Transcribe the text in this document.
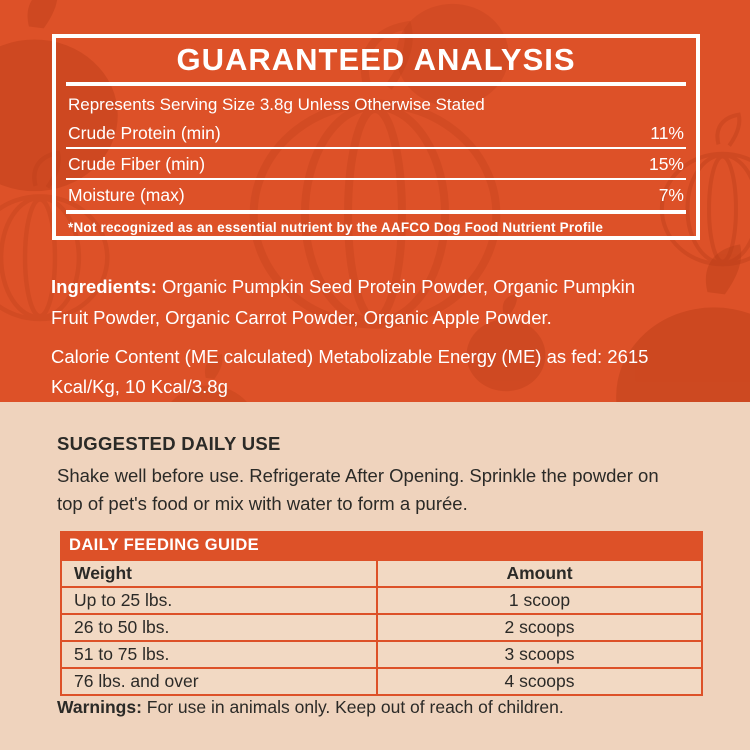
GUARANTEED ANALYSIS

Represents Serving Size 3.8g Unless Otherwise Stated

Crude Protein (min)	11%
Crude Fiber (min)	15%
Moisture (max)	7%

*Not recognized as an essential nutrient by the AAFCO Dog Food Nutrient Profile

Ingredients: Organic Pumpkin Seed Protein Powder, Organic Pumpkin Fruit Powder, Organic Carrot Powder, Organic Apple Powder.

Calorie Content (ME calculated) Metabolizable Energy (ME) as fed: 2615 Kcal/Kg, 10 Kcal/3.8g

SUGGESTED DAILY USE

Shake well before use. Refrigerate After Opening. Sprinkle the powder on top of pet's food or mix with water to form a purée.

DAILY FEEDING GUIDE
Weight	Amount
Up to 25 lbs.	1 scoop
26 to 50 lbs.	2 scoops
51 to 75 lbs.	3 scoops
76 lbs. and over	4 scoops

Warnings: For use in animals only. Keep out of reach of children.
